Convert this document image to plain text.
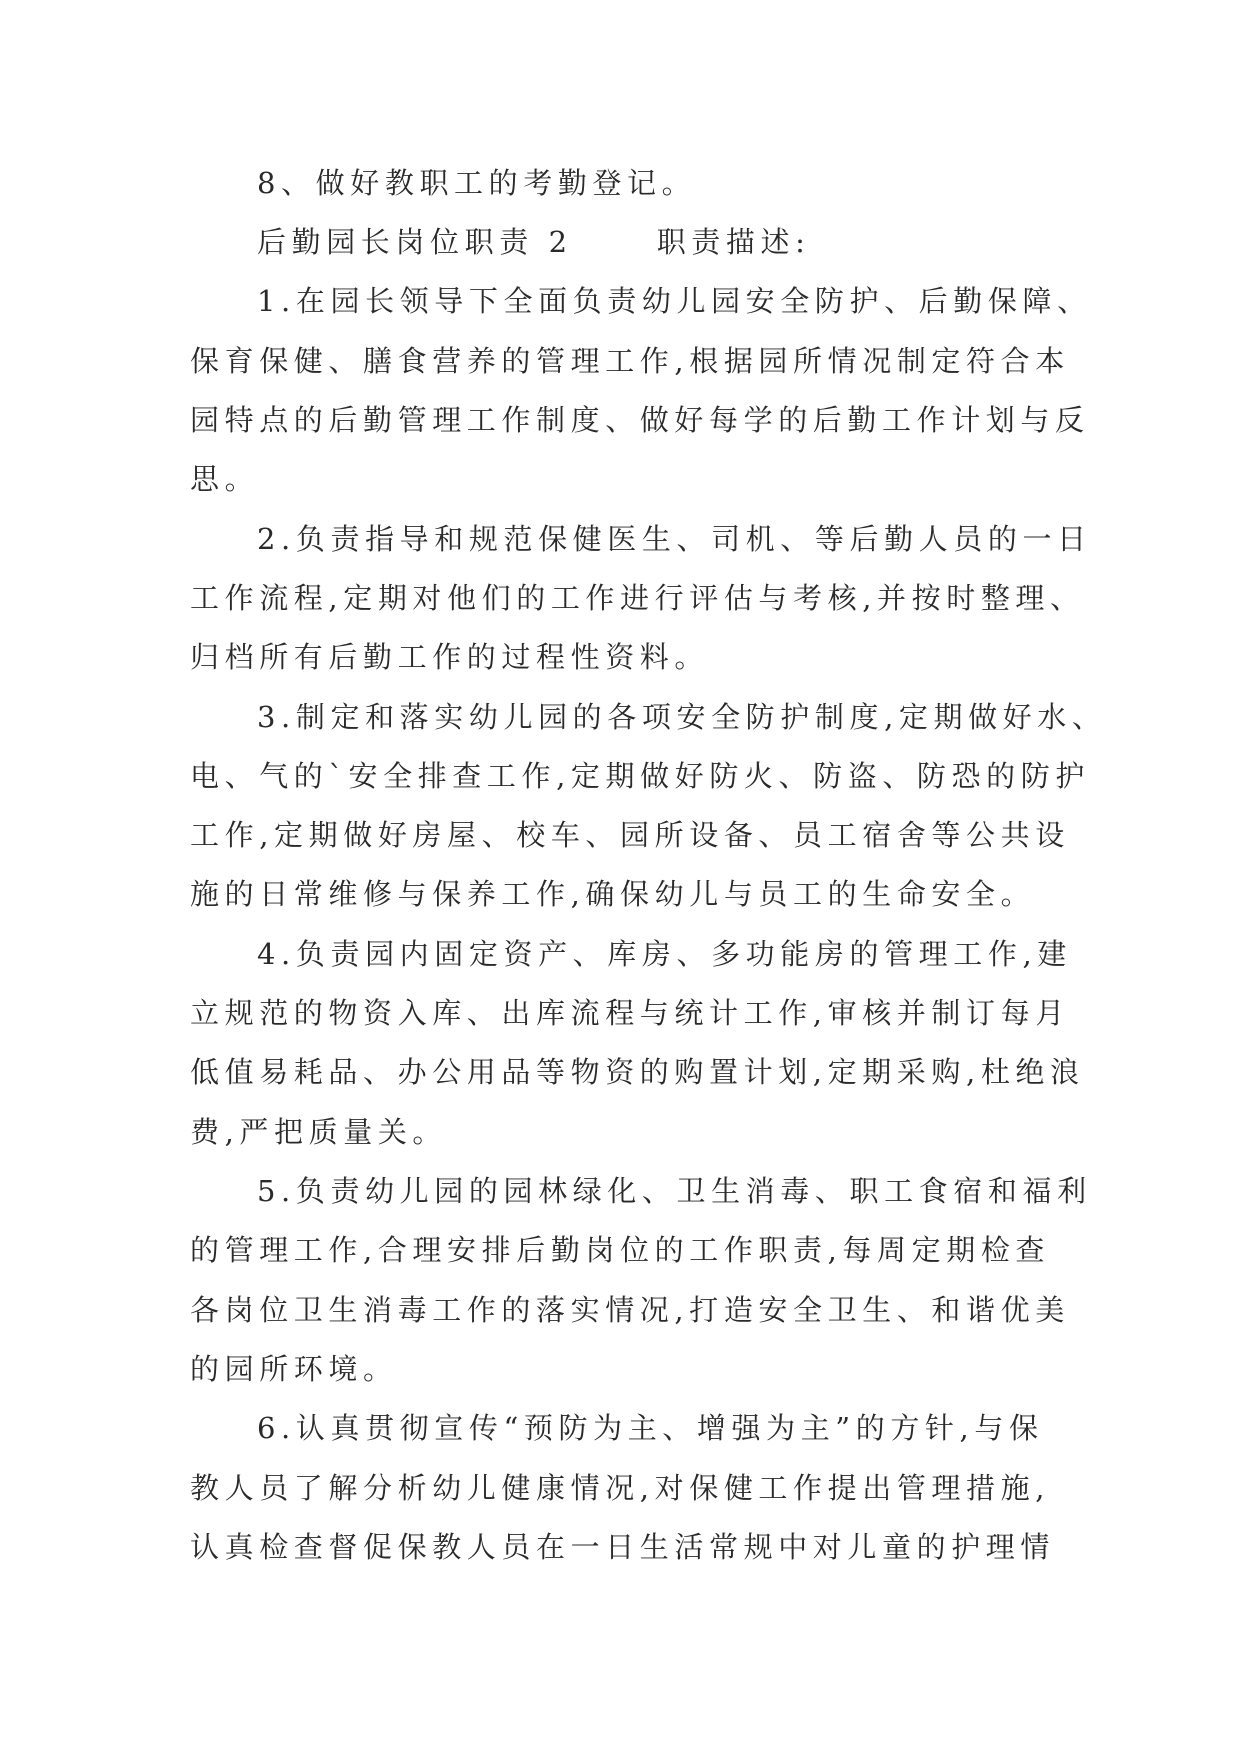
8、做好教职工的考勤登记。
后勤园长岗位职责 2 　　职责描述:
1.在园长领导下全面负责幼儿园安全防护、后勤保障、
保育保健、膳食营养的管理工作,根据园所情况制定符合本
园特点的后勤管理工作制度、做好每学的后勤工作计划与反
思。
2.负责指导和规范保健医生、司机、等后勤人员的一日
工作流程,定期对他们的工作进行评估与考核,并按时整理、
归档所有后勤工作的过程性资料。
3.制定和落实幼儿园的各项安全防护制度,定期做好水、
电、气的`安全排查工作,定期做好防火、防盗、防恐的防护
工作,定期做好房屋、校车、园所设备、员工宿舍等公共设
施的日常维修与保养工作,确保幼儿与员工的生命安全。
4.负责园内固定资产、库房、多功能房的管理工作,建
立规范的物资入库、出库流程与统计工作,审核并制订每月
低值易耗品、办公用品等物资的购置计划,定期采购,杜绝浪
费,严把质量关。
5.负责幼儿园的园林绿化、卫生消毒、职工食宿和福利
的管理工作,合理安排后勤岗位的工作职责,每周定期检查
各岗位卫生消毒工作的落实情况,打造安全卫生、和谐优美
的园所环境。
6.认真贯彻宣传“预防为主、增强为主”的方针,与保
教人员了解分析幼儿健康情况,对保健工作提出管理措施,
认真检查督促保教人员在一日生活常规中对儿童的护理情
